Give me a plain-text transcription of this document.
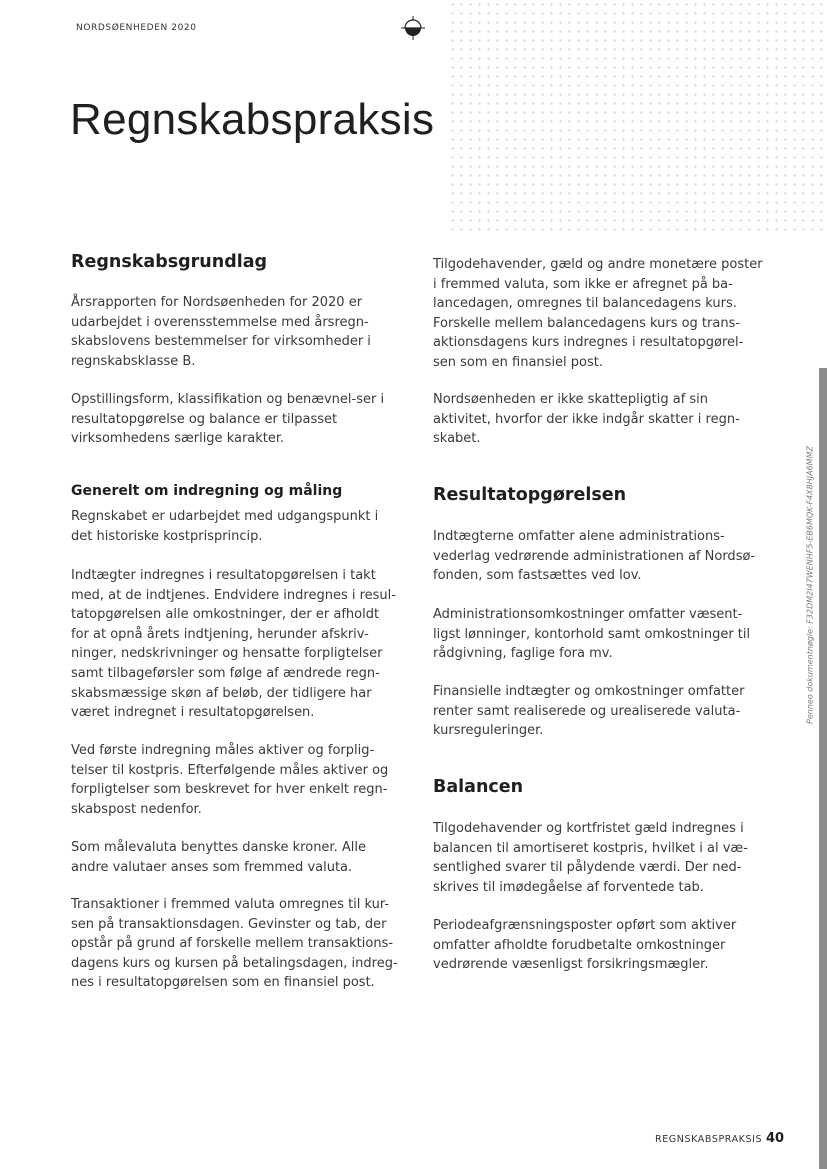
NORDSØENHEDEN 2020
Regnskabspraksis
Regnskabsgrundlag

Årsrapporten for Nordsøenheden for 2020 er udarbejdet i overensstemmelse med årsregn-skabslovens bestemmelser for virksomheder i regnskabsklasse B.

Opstillingsform, klassifikation og benævnel-ser i resultatopgørelse og balance er tilpasset virksomhedens særlige karakter.

Generelt om indregning og måling

Regnskabet er udarbejdet med udgangspunkt i det historiske kostprisprincip.

Indtægter indregnes i resultatopgørelsen i takt med, at de indtjenes. Endvidere indregnes i resul-tatopgørelsen alle omkostninger, der er afholdt for at opnå årets indtjening, herunder afskriv-ninger, nedskrivninger og hensatte forpligtelser samt tilbageførsler som følge af ændrede regn-skabsmæssige skøn af beløb, der tidligere har været indregnet i resultatopgørelsen.

Ved første indregning måles aktiver og forplig-telser til kostpris. Efterfølgende måles aktiver og forpligtelser som beskrevet for hver enkelt regn-skabspost nedenfor.

Som målevaluta benyttes danske kroner. Alle andre valutaer anses som fremmed valuta.

Transaktioner i fremmed valuta omregnes til kur-sen på transaktionsdagen. Gevinster og tab, der opstår på grund af forskelle mellem transaktions-dagens kurs og kursen på betalingsdagen, indreg-nes i resultatopgørelsen som en finansiel post.

Tilgodehavender, gæld og andre monetære poster i fremmed valuta, som ikke er afregnet på ba-lancedagen, omregnes til balancedagens kurs. Forskelle mellem balancedagens kurs og trans-aktionsdagens kurs indregnes i resultatopgørel-sen som en finansiel post.

Nordsøenheden er ikke skattepligtig af sin aktivitet, hvorfor der ikke indgår skatter i regn-skabet.

Resultatopgørelsen

Indtægterne omfatter alene administrations-vederlag vedrørende administrationen af Nordsø-fonden, som fastsættes ved lov.

Administrationsomkostninger omfatter væsent-ligst lønninger, kontorhold samt omkostninger til rådgivning, faglige fora mv.

Finansielle indtægter og omkostninger omfatter renter samt realiserede og urealiserede valuta-kursreguleringer.

Balancen

Tilgodehavender og kortfristet gæld indregnes i balancen til amortiseret kostpris, hvilket i al væ-sentlighed svarer til pålydende værdi. Der ned-skrives til imødegåelse af forventede tab.

Periodeafgrænsningsposter opført som aktiver omfatter afholdte forudbetalte omkostninger vedrørende væsenligst forsikringsmægler.

Penneo dokumentnøgle: F32DM2I47WENHF5-EB6MQK-F4X8HJA6MMZ
REGNSKABSPRAKSIS 40
